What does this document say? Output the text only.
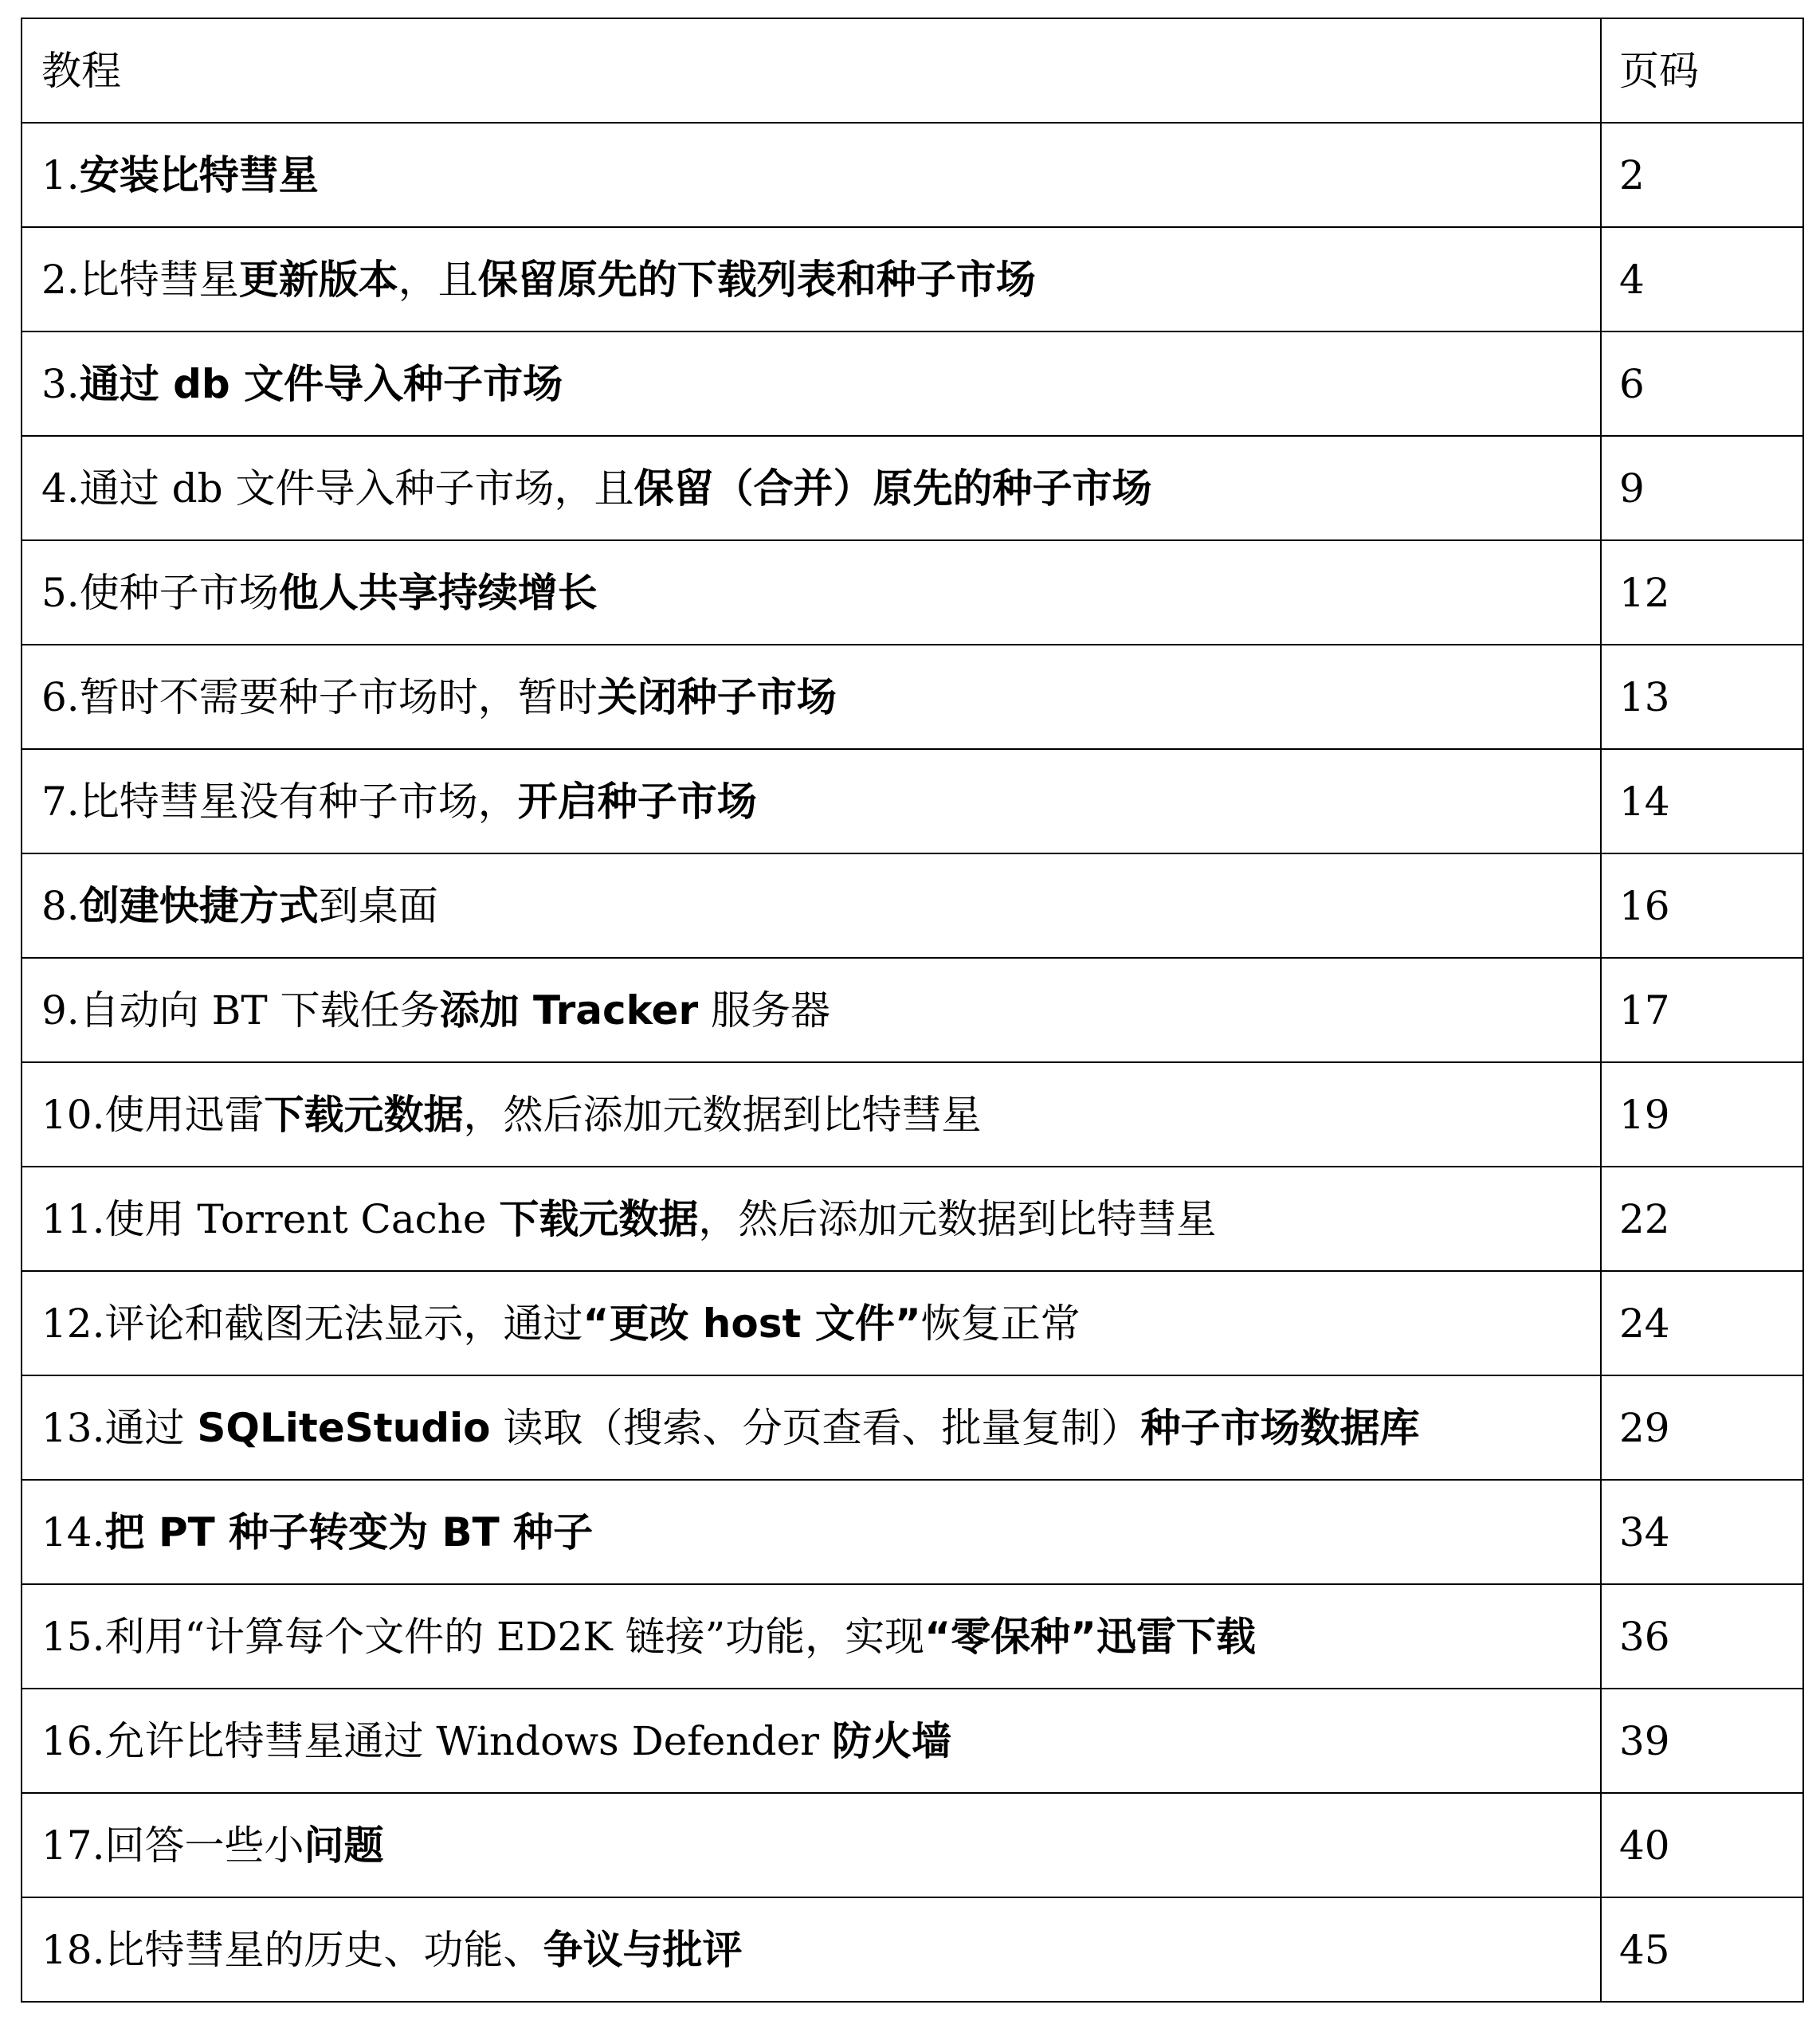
教程	页码
1.安装比特彗星	2
2.比特彗星更新版本，且保留原先的下载列表和种子市场	4
3.通过 db 文件导入种子市场	6
4.通过 db 文件导入种子市场，且保留（合并）原先的种子市场	9
5.使种子市场他人共享持续增长	12
6.暂时不需要种子市场时，暂时关闭种子市场	13
7.比特彗星没有种子市场，开启种子市场	14
8.创建快捷方式到桌面	16
9.自动向 BT 下载任务添加 Tracker 服务器	17
10.使用迅雷下载元数据，然后添加元数据到比特彗星	19
11.使用 Torrent Cache 下载元数据，然后添加元数据到比特彗星	22
12.评论和截图无法显示，通过“更改 host 文件”恢复正常	24
13.通过 SQLiteStudio 读取（搜索、分页查看、批量复制）种子市场数据库	29
14.把 PT 种子转变为 BT 种子	34
15.利用“计算每个文件的 ED2K 链接”功能，实现“零保种”迅雷下载	36
16.允许比特彗星通过 Windows Defender 防火墙	39
17.回答一些小问题	40
18.比特彗星的历史、功能、争议与批评	45
